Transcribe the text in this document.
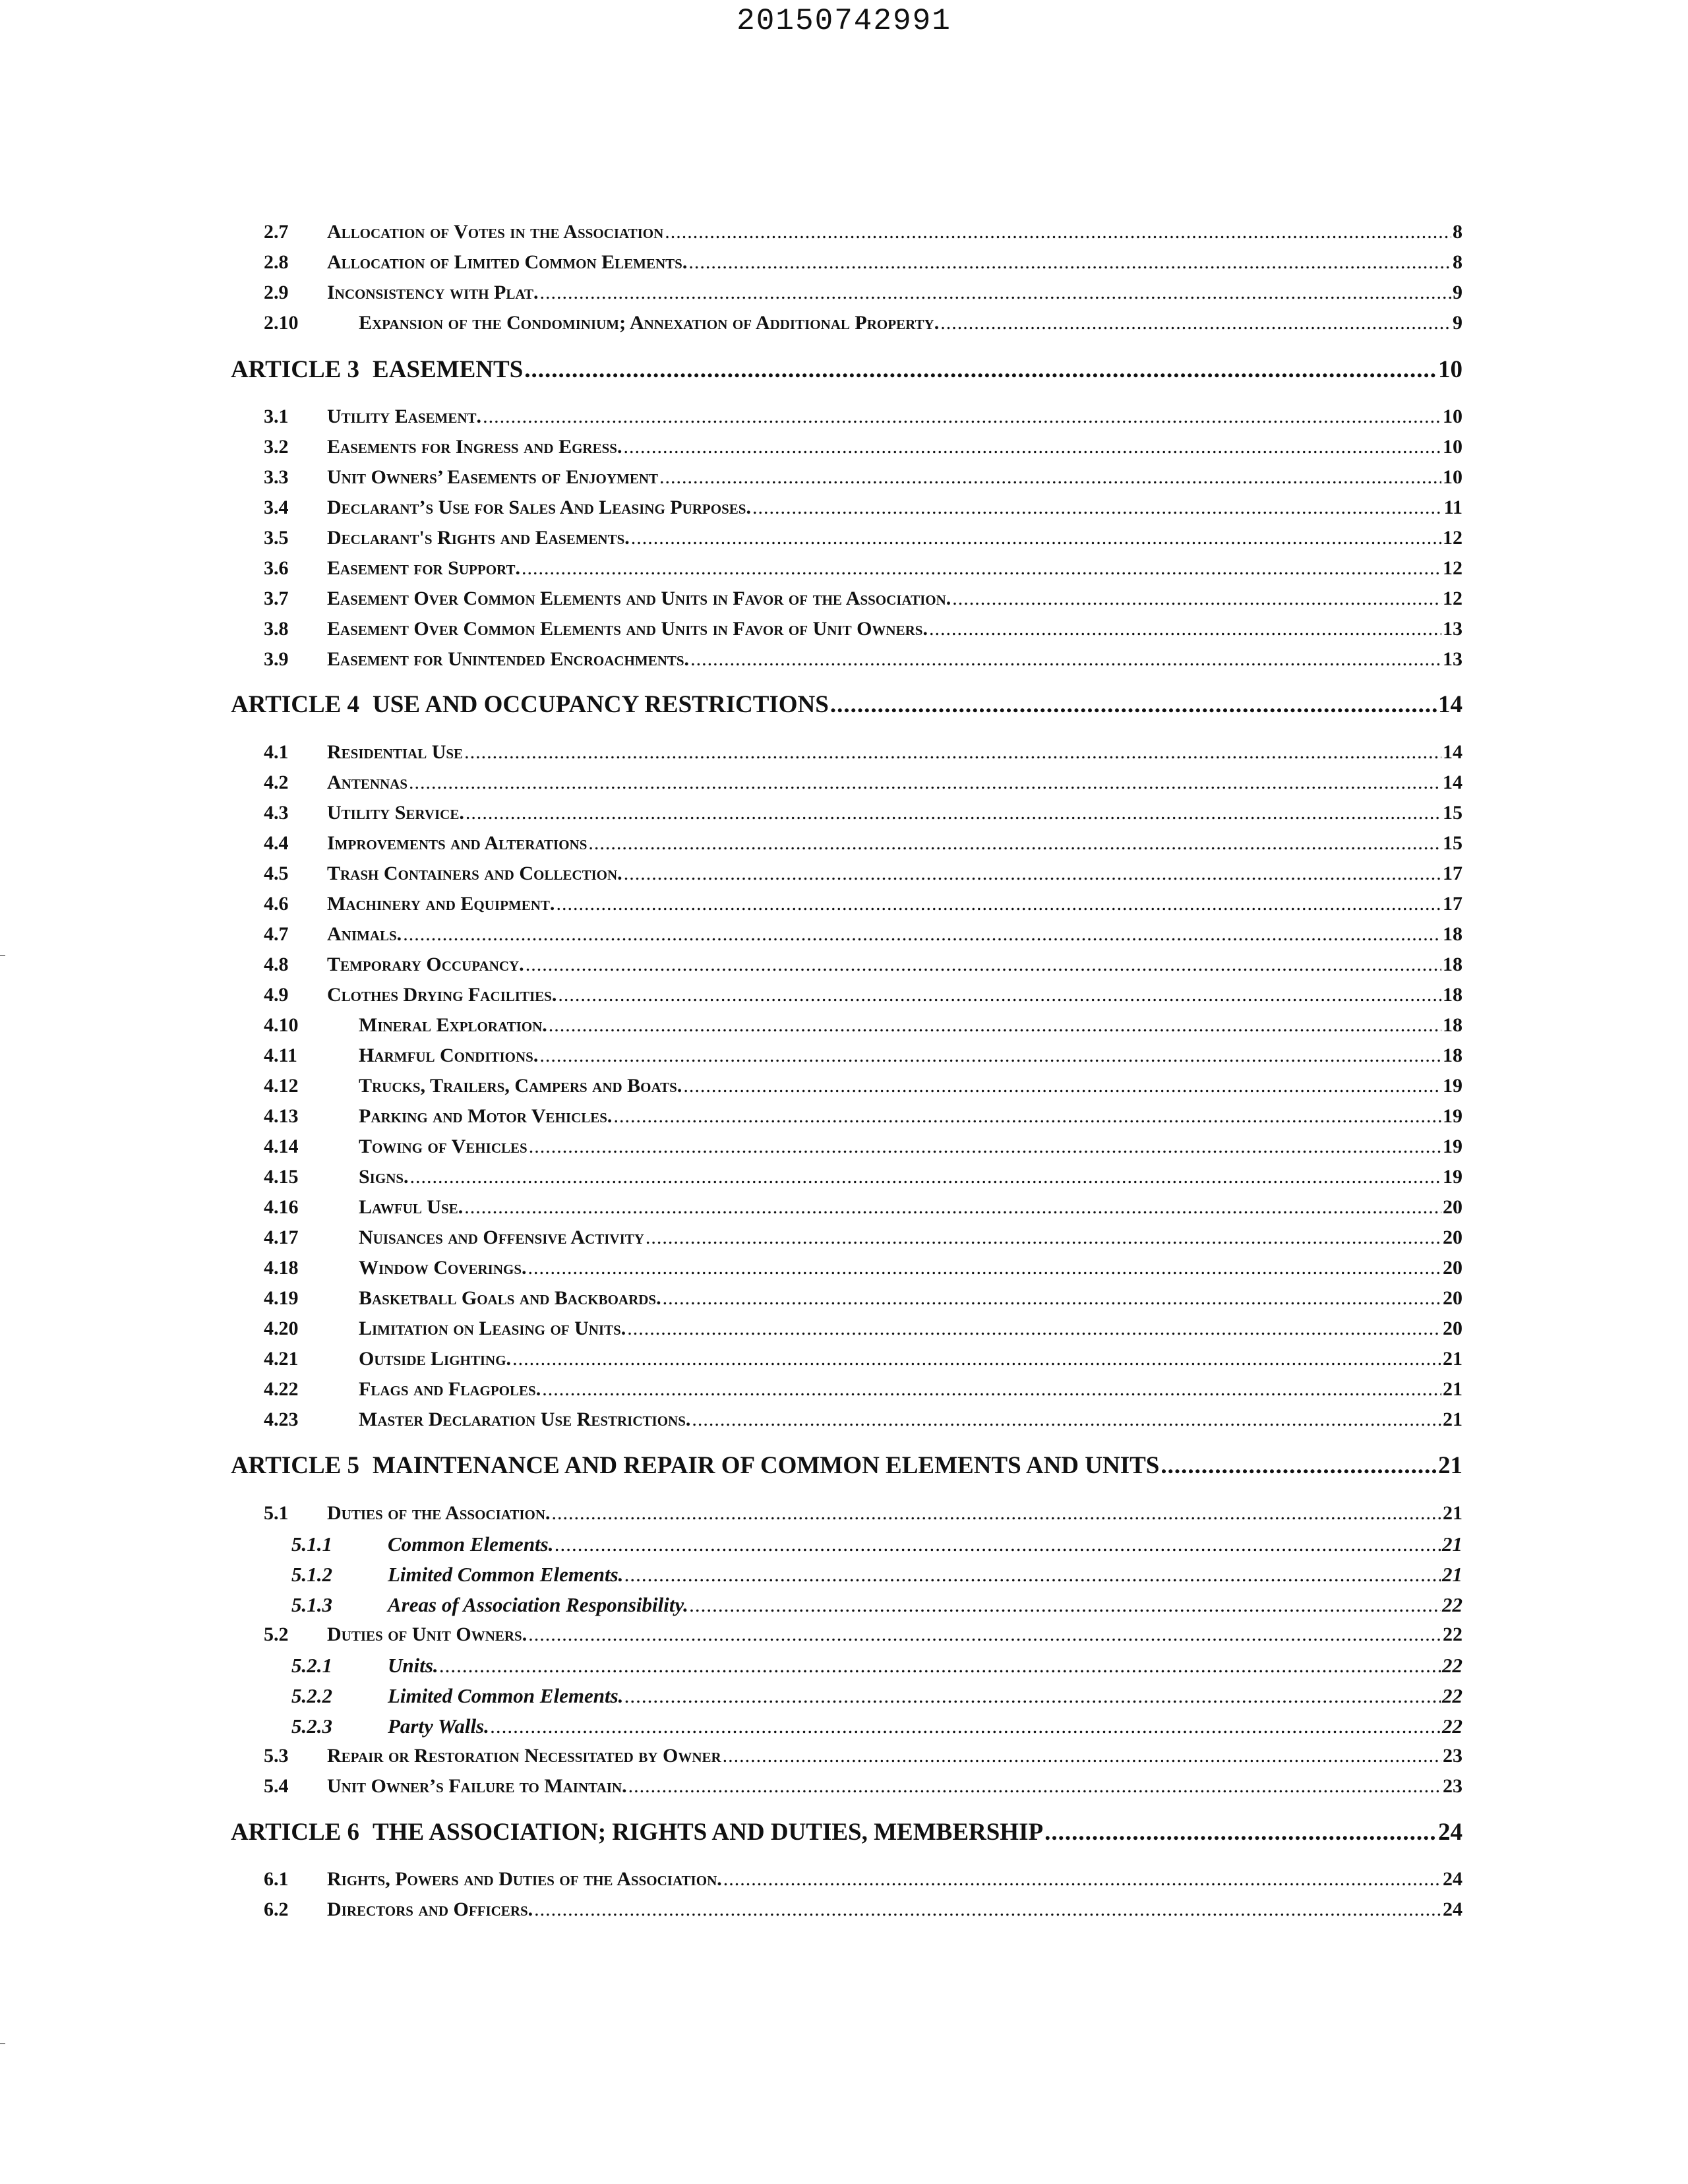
20150742991
2.7	Allocation of Votes in the Association .....	8
2.8	Allocation of Limited Common Elements. .....	8
2.9	Inconsistency with Plat. .....	9
2.10	Expansion of the Condominium; Annexation of Additional Property. .....	9
ARTICLE 3 EASEMENTS .....	10
3.1	Utility Easement. .....	10
3.2	Easements for Ingress and Egress. .....	10
3.3	Unit Owners’ Easements of Enjoyment .....	10
3.4	Declarant’s Use for Sales And Leasing Purposes. .....	11
3.5	Declarant's Rights and Easements. .....	12
3.6	Easement for Support. .....	12
3.7	Easement Over Common Elements and Units in Favor of the Association. .....	12
3.8	Easement Over Common Elements and Units in Favor of Unit Owners. .....	13
3.9	Easement for Unintended Encroachments. .....	13
ARTICLE 4 USE AND OCCUPANCY RESTRICTIONS .....	14
4.1	Residential Use .....	14
4.2	Antennas .....	14
4.3	Utility Service. .....	15
4.4	Improvements and Alterations .....	15
4.5	Trash Containers and Collection. .....	17
4.6	Machinery and Equipment. .....	17
4.7	Animals. .....	18
4.8	Temporary Occupancy. .....	18
4.9	Clothes Drying Facilities. .....	18
4.10	Mineral Exploration. .....	18
4.11	Harmful Conditions. .....	18
4.12	Trucks, Trailers, Campers and Boats. .....	19
4.13	Parking and Motor Vehicles. .....	19
4.14	Towing of Vehicles .....	19
4.15	Signs. .....	19
4.16	Lawful Use. .....	20
4.17	Nuisances and Offensive Activity .....	20
4.18	Window Coverings. .....	20
4.19	Basketball Goals and Backboards. .....	20
4.20	Limitation on Leasing of Units. .....	20
4.21	Outside Lighting. .....	21
4.22	Flags and Flagpoles. .....	21
4.23	Master Declaration Use Restrictions. .....	21
ARTICLE 5 MAINTENANCE AND REPAIR OF COMMON ELEMENTS AND UNITS .....	21
5.1	Duties of the Association. .....	21
5.1.1	Common Elements. .....	21
5.1.2	Limited Common Elements. .....	21
5.1.3	Areas of Association Responsibility. .....	22
5.2	Duties of Unit Owners. .....	22
5.2.1	Units. .....	22
5.2.2	Limited Common Elements. .....	22
5.2.3	Party Walls. .....	22
5.3	Repair or Restoration Necessitated by Owner .....	23
5.4	Unit Owner’s Failure to Maintain. .....	23
ARTICLE 6 THE ASSOCIATION; RIGHTS AND DUTIES, MEMBERSHIP .....	24
6.1	Rights, Powers and Duties of the Association. .....	24
6.2	Directors and Officers. .....	24
